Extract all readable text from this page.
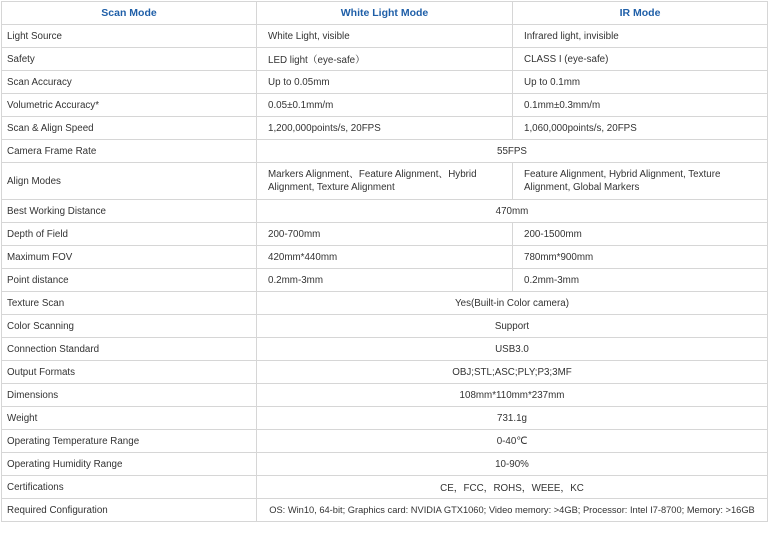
Scan Mode	White Light Mode	IR Mode
Light Source	White Light, visible	Infrared light, invisible
Safety	LED light（eye-safe）	CLASS I (eye-safe)
Scan Accuracy	Up to 0.05mm	Up to 0.1mm
Volumetric Accuracy*	0.05±0.1mm/m	0.1mm±0.3mm/m
Scan & Align Speed	1,200,000points/s, 20FPS	1,060,000points/s, 20FPS
Camera Frame Rate	55FPS	
Align Modes	Markers Alignment、Feature Alignment、Hybrid Alignment, Texture Alignment	Feature Alignment, Hybrid Alignment, Texture Alignment, Global Markers
Best Working Distance	470mm	
Depth of Field	200-700mm	200-1500mm
Maximum FOV	420mm*440mm	780mm*900mm
Point distance	0.2mm-3mm	0.2mm-3mm
Texture Scan	Yes(Built-in Color camera)	
Color Scanning	Support	
Connection Standard	USB3.0	
Output Formats	OBJ;STL;ASC;PLY;P3;3MF	
Dimensions	108mm*110mm*237mm	
Weight	731.1g	
Operating Temperature Range	0-40℃	
Operating Humidity Range	10-90%	
Certifications	CE，FCC，ROHS，WEEE，KC	
Required Configuration	OS: Win10, 64-bit; Graphics card: NVIDIA GTX1060; Video memory: >4GB; Processor: Intel I7-8700; Memory: >16GB	
